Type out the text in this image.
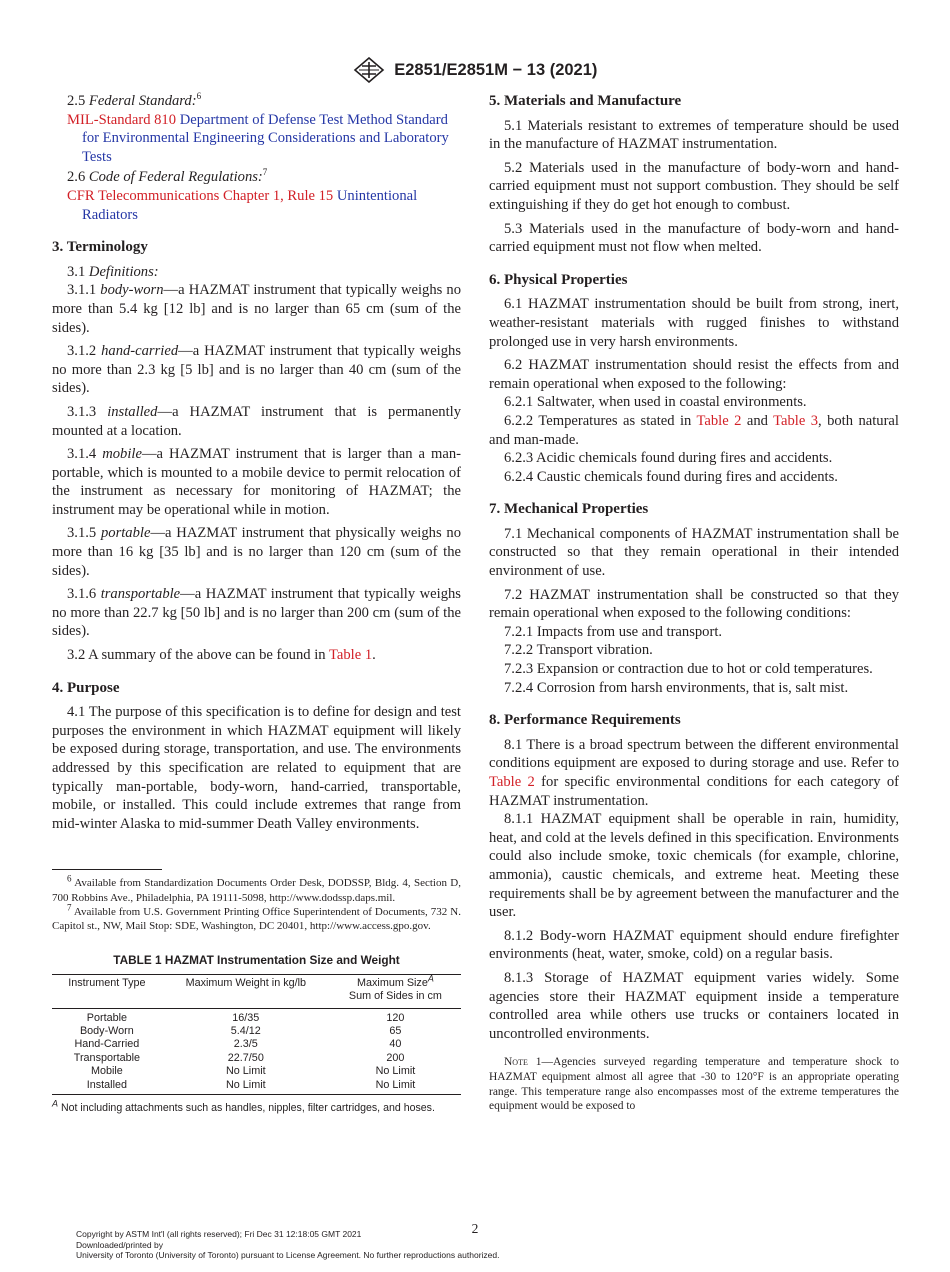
E2851/E2851M − 13 (2021)

2.5 Federal Standard:$^6$

MIL-Standard 810 Department of Defense Test Method Standard for Environmental Engineering Considerations and Laboratory Tests

2.6 Code of Federal Regulations:$^7$

CFR Telecommunications Chapter 1, Rule 15 Unintentional Radiators

3. Terminology

3.1 Definitions:

3.1.1 body-worn—a HAZMAT instrument that typically weighs no more than 5.4 kg [12 lb] and is no larger than 65 cm (sum of the sides).

3.1.2 hand-carried—a HAZMAT instrument that typically weighs no more than 2.3 kg [5 lb] and is no larger than 40 cm (sum of the sides).

3.1.3 installed—a HAZMAT instrument that is permanently mounted at a location.

3.1.4 mobile—a HAZMAT instrument that is larger than a man-portable, which is mounted to a mobile device to permit relocation of the instrument as necessary for monitoring of HAZMAT; the instrument may be operational while in motion.

3.1.5 portable—a HAZMAT instrument that physically weighs no more than 16 kg [35 lb] and is no larger than 120 cm (sum of the sides).

3.1.6 transportable—a HAZMAT instrument that typically weighs no more than 22.7 kg [50 lb] and is no larger than 200 cm (sum of the sides).

3.2 A summary of the above can be found in Table 1.

4. Purpose

4.1 The purpose of this specification is to define for design and test purposes the environment in which HAZMAT equipment will likely be exposed during storage, transportation, and use. The environments addressed by this specification are related to equipment that are typically man-portable, body-worn, hand-carried, transportable, mobile, or installed. This could include extremes that range from mid-winter Alaska to mid-summer Death Valley environments.

$^6$ Available from Standardization Documents Order Desk, DODSSP, Bldg. 4, Section D, 700 Robbins Ave., Philadelphia, PA 19111-5098, http://www.dodssp.daps.mil.

$^7$ Available from U.S. Government Printing Office Superintendent of Documents, 732 N. Capitol st., NW, Mail Stop: SDE, Washington, DC 20401, http://www.access.gpo.gov.

TABLE 1 HAZMAT Instrumentation Size and Weight
Instrument Type	Maximum Weight in kg/lb	Maximum Size$^A$
Sum of Sides in cm
Portable	16/35	120
Body-Worn	5.4/12	65
Hand-Carried	2.3/5	40
Transportable	22.7/50	200
Mobile	No Limit	No Limit
Installed	No Limit	No Limit
$^A$ Not including attachments such as handles, nipples, filter cartridges, and hoses.
5. Materials and Manufacture

5.1 Materials resistant to extremes of temperature should be used in the manufacture of HAZMAT instrumentation.

5.2 Materials used in the manufacture of body-worn and hand-carried equipment must not support combustion. They should be self extinguishing if they do get hot enough to combust.

5.3 Materials used in the manufacture of body-worn and hand-carried equipment must not flow when melted.

6. Physical Properties

6.1 HAZMAT instrumentation should be built from strong, inert, weather-resistant materials with rugged finishes to withstand prolonged use in very harsh environments.

6.2 HAZMAT instrumentation should resist the effects from and remain operational when exposed to the following:

6.2.1 Saltwater, when used in coastal environments.

6.2.2 Temperatures as stated in Table 2 and Table 3, both natural and man-made.

6.2.3 Acidic chemicals found during fires and accidents.

6.2.4 Caustic chemicals found during fires and accidents.

7. Mechanical Properties

7.1 Mechanical components of HAZMAT instrumentation shall be constructed so that they remain operational in their intended environment of use.

7.2 HAZMAT instrumentation shall be constructed so that they remain operational when exposed to the following conditions:

7.2.1 Impacts from use and transport.

7.2.2 Transport vibration.

7.2.3 Expansion or contraction due to hot or cold temperatures.

7.2.4 Corrosion from harsh environments, that is, salt mist.

8. Performance Requirements

8.1 There is a broad spectrum between the different environmental conditions equipment are exposed to during storage and use. Refer to Table 2 for specific environmental conditions for each category of HAZMAT instrumentation.

8.1.1 HAZMAT equipment shall be operable in rain, humidity, heat, and cold at the levels defined in this specification. Environments could also include smoke, toxic chemicals (for example, chlorine, ammonia), caustic chemicals, and extreme heat. Meeting these requirements shall be by agreement between the manufacturer and the user.

8.1.2 Body-worn HAZMAT equipment should endure firefighter environments (heat, water, smoke, cold) on a regular basis.

8.1.3 Storage of HAZMAT equipment varies widely. Some agencies store their HAZMAT equipment inside a temperature controlled area while others use trucks or containers located in uncontrolled environments.

Note 1—Agencies surveyed regarding temperature and temperature shock to HAZMAT equipment almost all agree that -30 to 120°F is an appropriate operating range. This temperature range also encompasses most of the extreme temperatures the equipment would be exposed to

2
Copyright by ASTM Int'l (all rights reserved); Fri Dec 31 12:18:05 GMT 2021
Downloaded/printed by
University of Toronto (University of Toronto) pursuant to License Agreement. No further reproductions authorized.
